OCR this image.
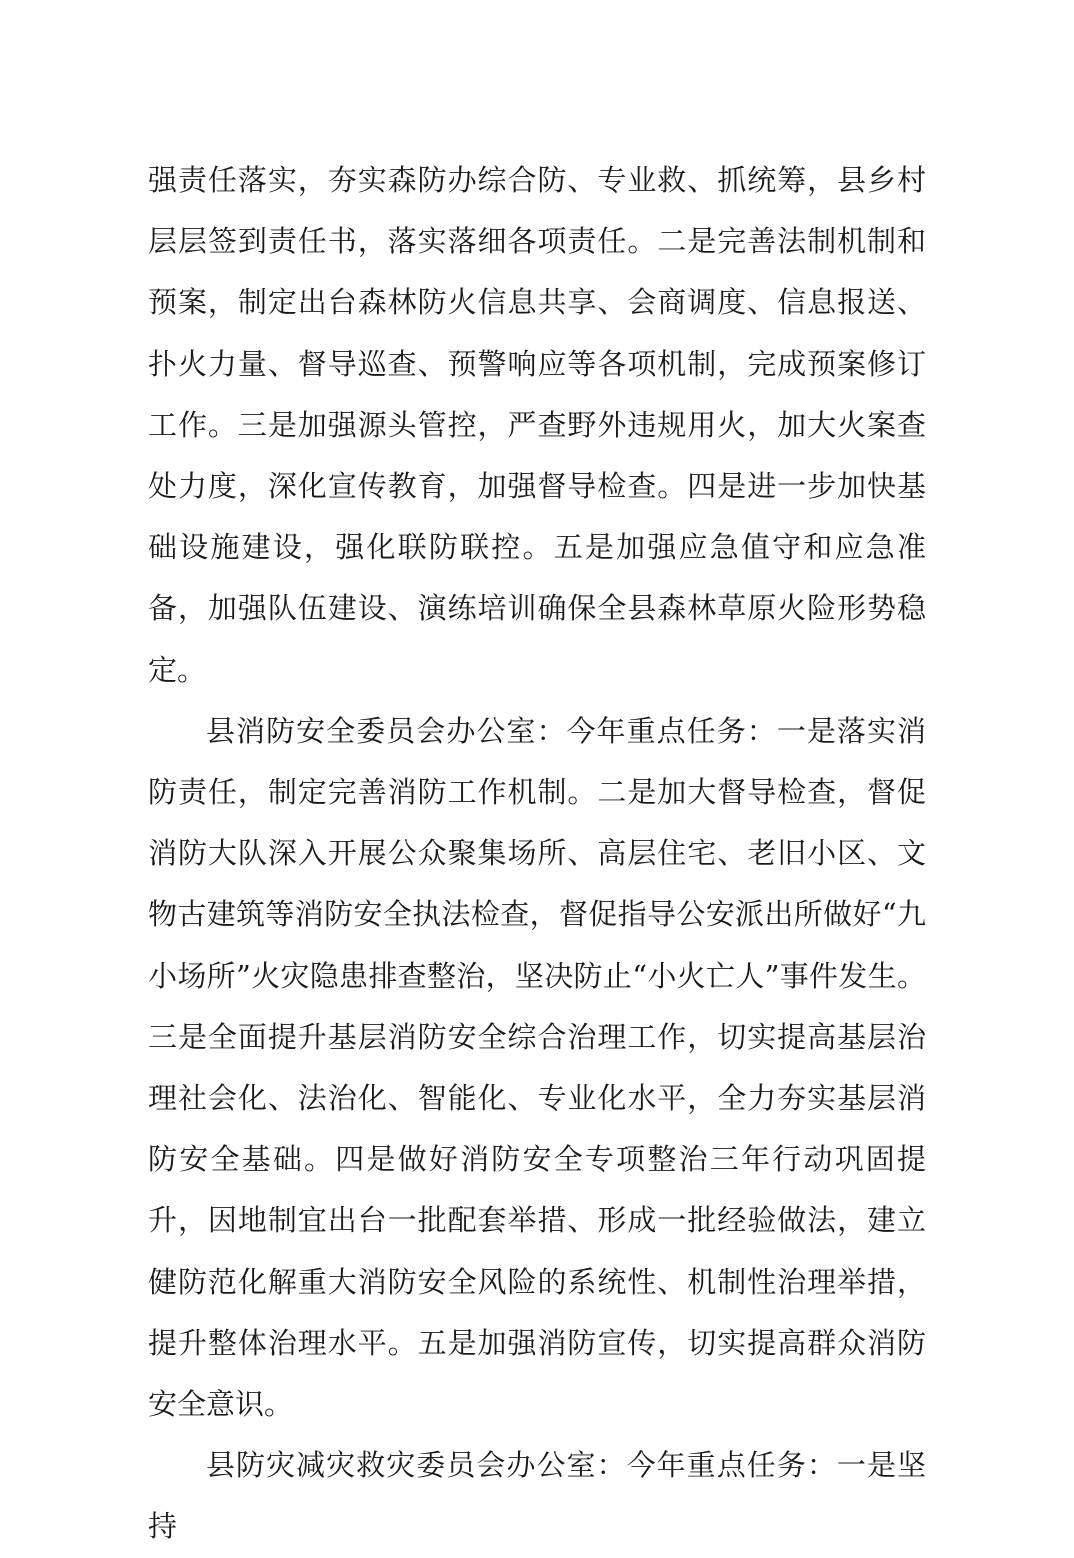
强责任落实，夯实森防办综合防、专业救、抓统筹，县乡村层层签到责任书，落实落细各项责任。二是完善法制机制和预案，制定出台森林防火信息共享、会商调度、信息报送、扑火力量、督导巡查、预警响应等各项机制，完成预案修订工作。三是加强源头管控，严查野外违规用火，加大火案查处力度，深化宣传教育，加强督导检查。四是进一步加快基础设施建设，强化联防联控。五是加强应急值守和应急准备，加强队伍建设、演练培训确保全县森林草原火险形势稳定。

县消防安全委员会办公室：今年重点任务：一是落实消防责任，制定完善消防工作机制。二是加大督导检查，督促消防大队深入开展公众聚集场所、高层住宅、老旧小区、文物古建筑等消防安全执法检查，督促指导公安派出所做好“九小场所”火灾隐患排查整治，坚决防止“小火亡人”事件发生。三是全面提升基层消防安全综合治理工作，切实提高基层治理社会化、法治化、智能化、专业化水平，全力夯实基层消防安全基础。四是做好消防安全专项整治三年行动巩固提升，因地制宜出台一批配套举措、形成一批经验做法，建立健防范化解重大消防安全风险的系统性、机制性治理举措，提升整体治理水平。五是加强消防宣传，切实提高群众消防安全意识。

县防灾减灾救灾委员会办公室：今年重点任务：一是坚持
